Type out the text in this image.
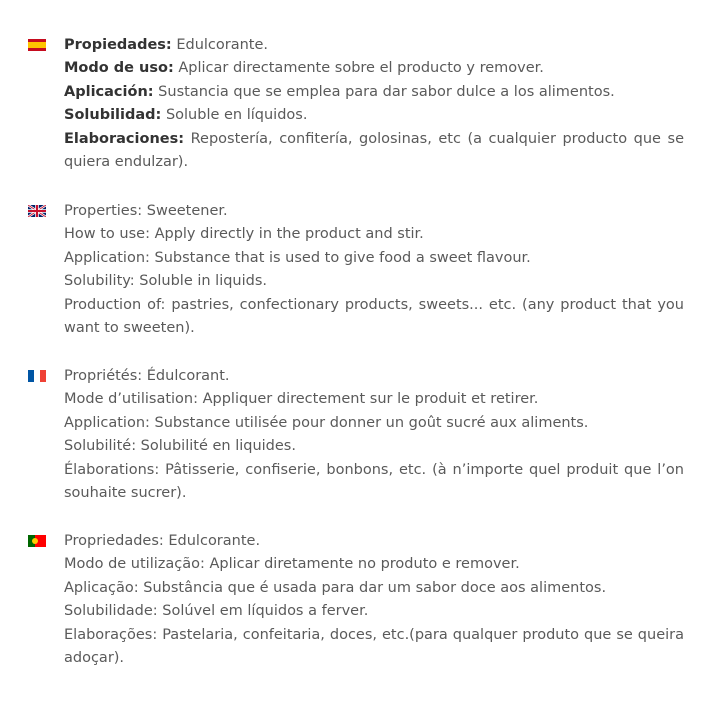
Propiedades: Edulcorante.

Modo de uso: Aplicar directamente sobre el producto y remover.

Aplicación: Sustancia que se emplea para dar sabor dulce a los alimentos.

Solubilidad: Soluble en líquidos.

Elaboraciones: Repostería, confitería, golosinas, etc (a cualquier producto que se quiera endulzar).

Properties: Sweetener.

How to use: Apply directly in the product and stir.

Application: Substance that is used to give food a sweet flavour.

Solubility: Soluble in liquids.

Production of: pastries, confectionary products, sweets... etc. (any product that you want to sweeten).

Propriétés: Édulcorant.

Mode d’utilisation: Appliquer directement sur le produit et retirer.

Application: Substance utilisée pour donner un goût sucré aux aliments.

Solubilité: Solubilité en liquides.

Élaborations: Pâtisserie, confiserie, bonbons, etc. (à n’importe quel produit que l’on souhaite sucrer).

Propriedades: Edulcorante.

Modo de utilização: Aplicar diretamente no produto e remover.

Aplicação: Substância que é usada para dar um sabor doce aos alimentos.

Solubilidade: Solúvel em líquidos a ferver.

Elaborações: Pastelaria, confeitaria, doces, etc.(para qualquer produto que se queira adoçar).
